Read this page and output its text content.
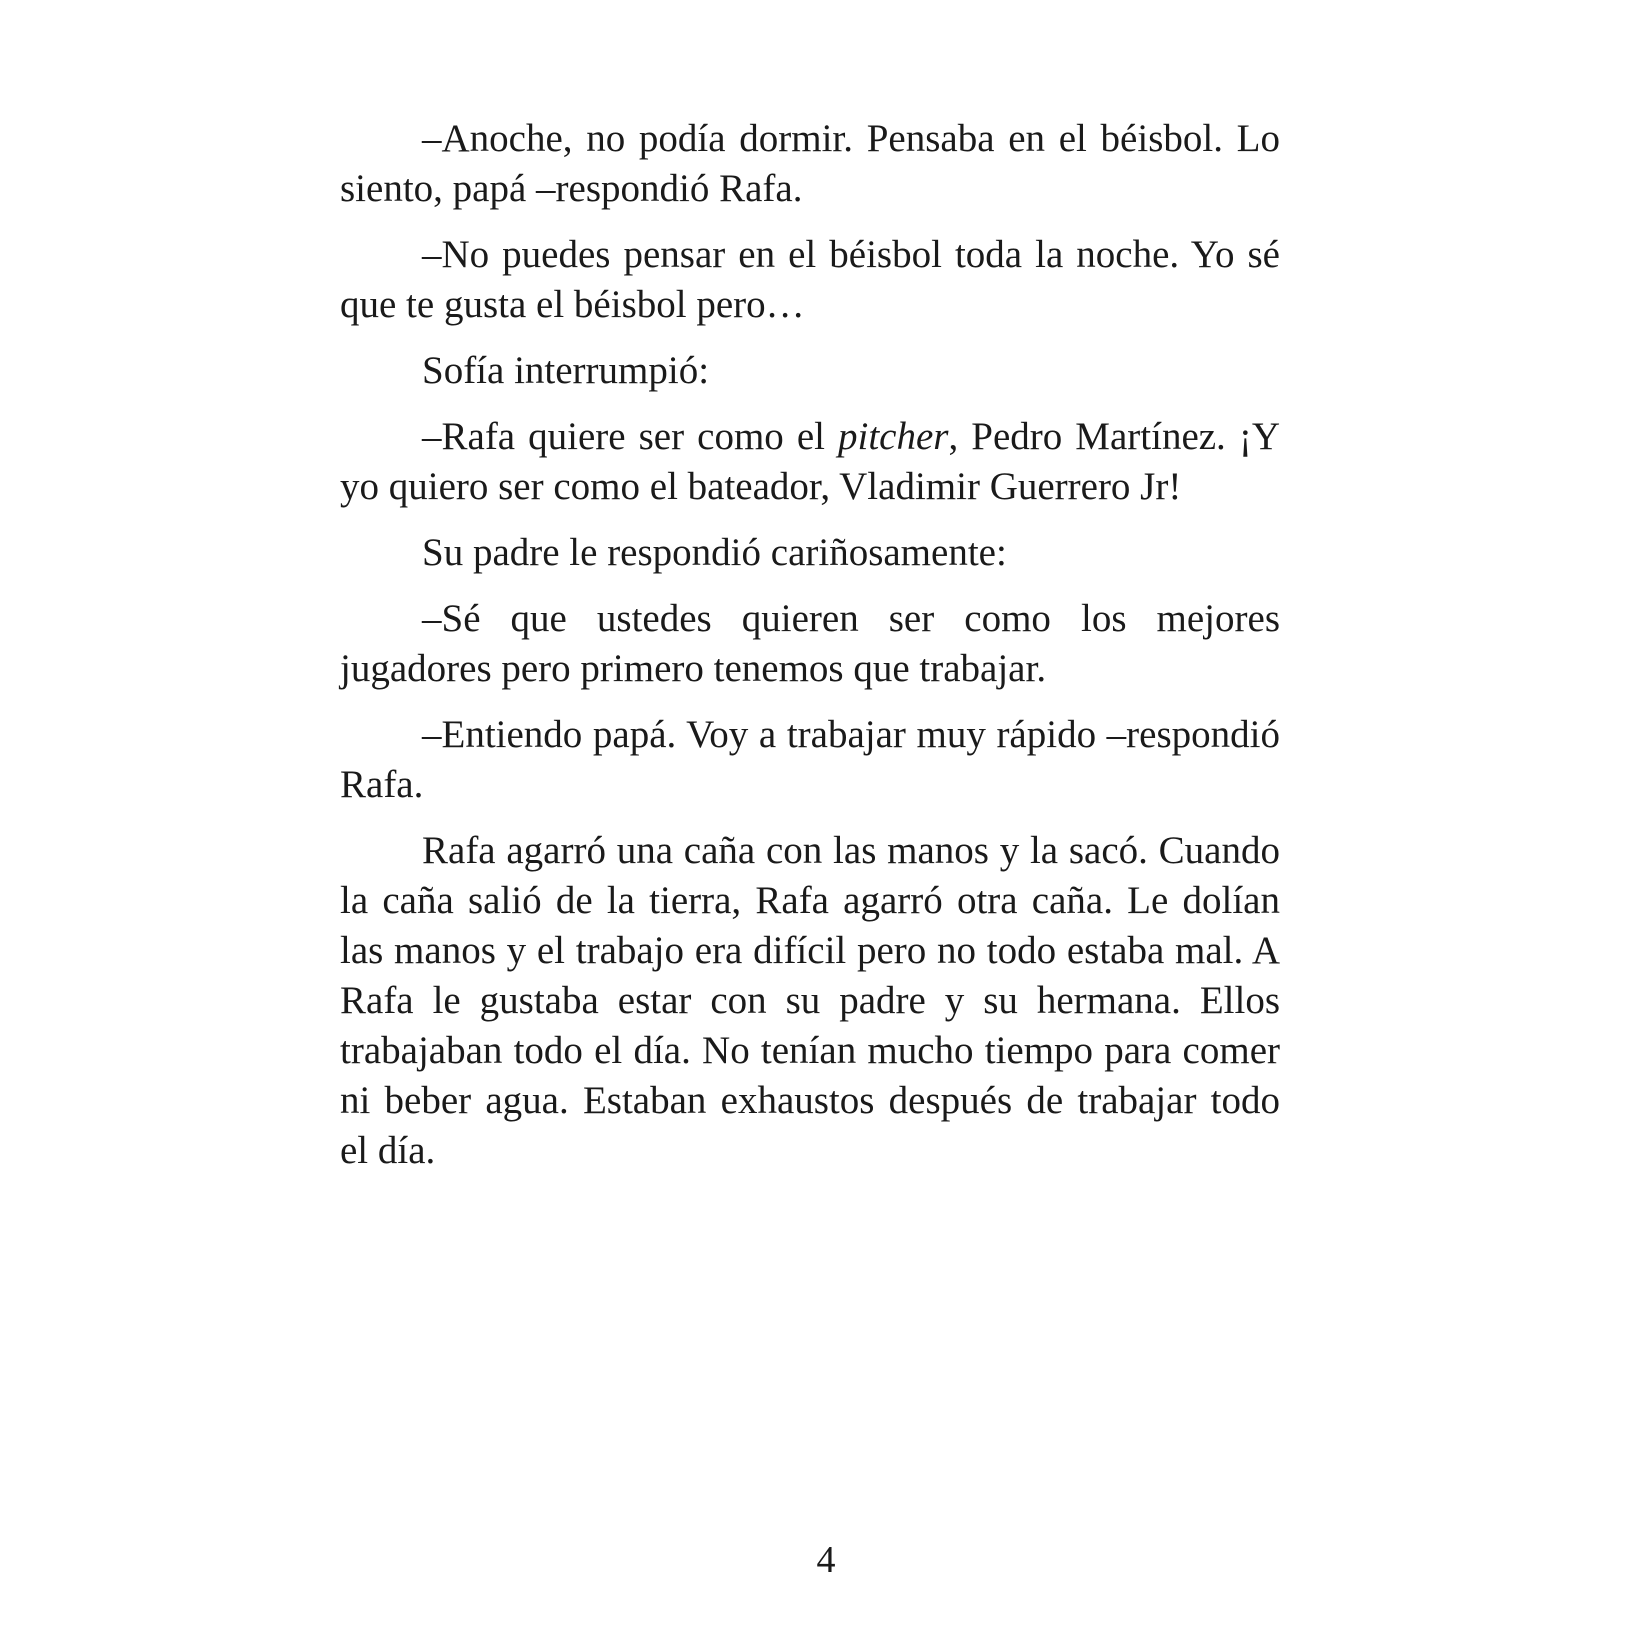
–Anoche, no podía dormir. Pensaba en el béisbol. Lo siento, papá –respondió Rafa.

–No puedes pensar en el béisbol toda la noche. Yo sé que te gusta el béisbol pero…

Sofía interrumpió:

–Rafa quiere ser como el pitcher, Pedro Martínez. ¡Y yo quiero ser como el bateador, Vladimir Guerrero Jr!

Su padre le respondió cariñosamente:

–Sé que ustedes quieren ser como los mejores jugadores pero primero tenemos que trabajar.

–Entiendo papá. Voy a trabajar muy rápido –respondió Rafa.

Rafa agarró una caña con las manos y la sacó. Cuando la caña salió de la tierra, Rafa agarró otra caña. Le dolían las manos y el trabajo era difícil pero no todo estaba mal. A Rafa le gustaba estar con su padre y su hermana. Ellos trabajaban todo el día. No tenían mucho tiempo para comer ni beber agua. Estaban exhaustos después de trabajar todo el día.

4
